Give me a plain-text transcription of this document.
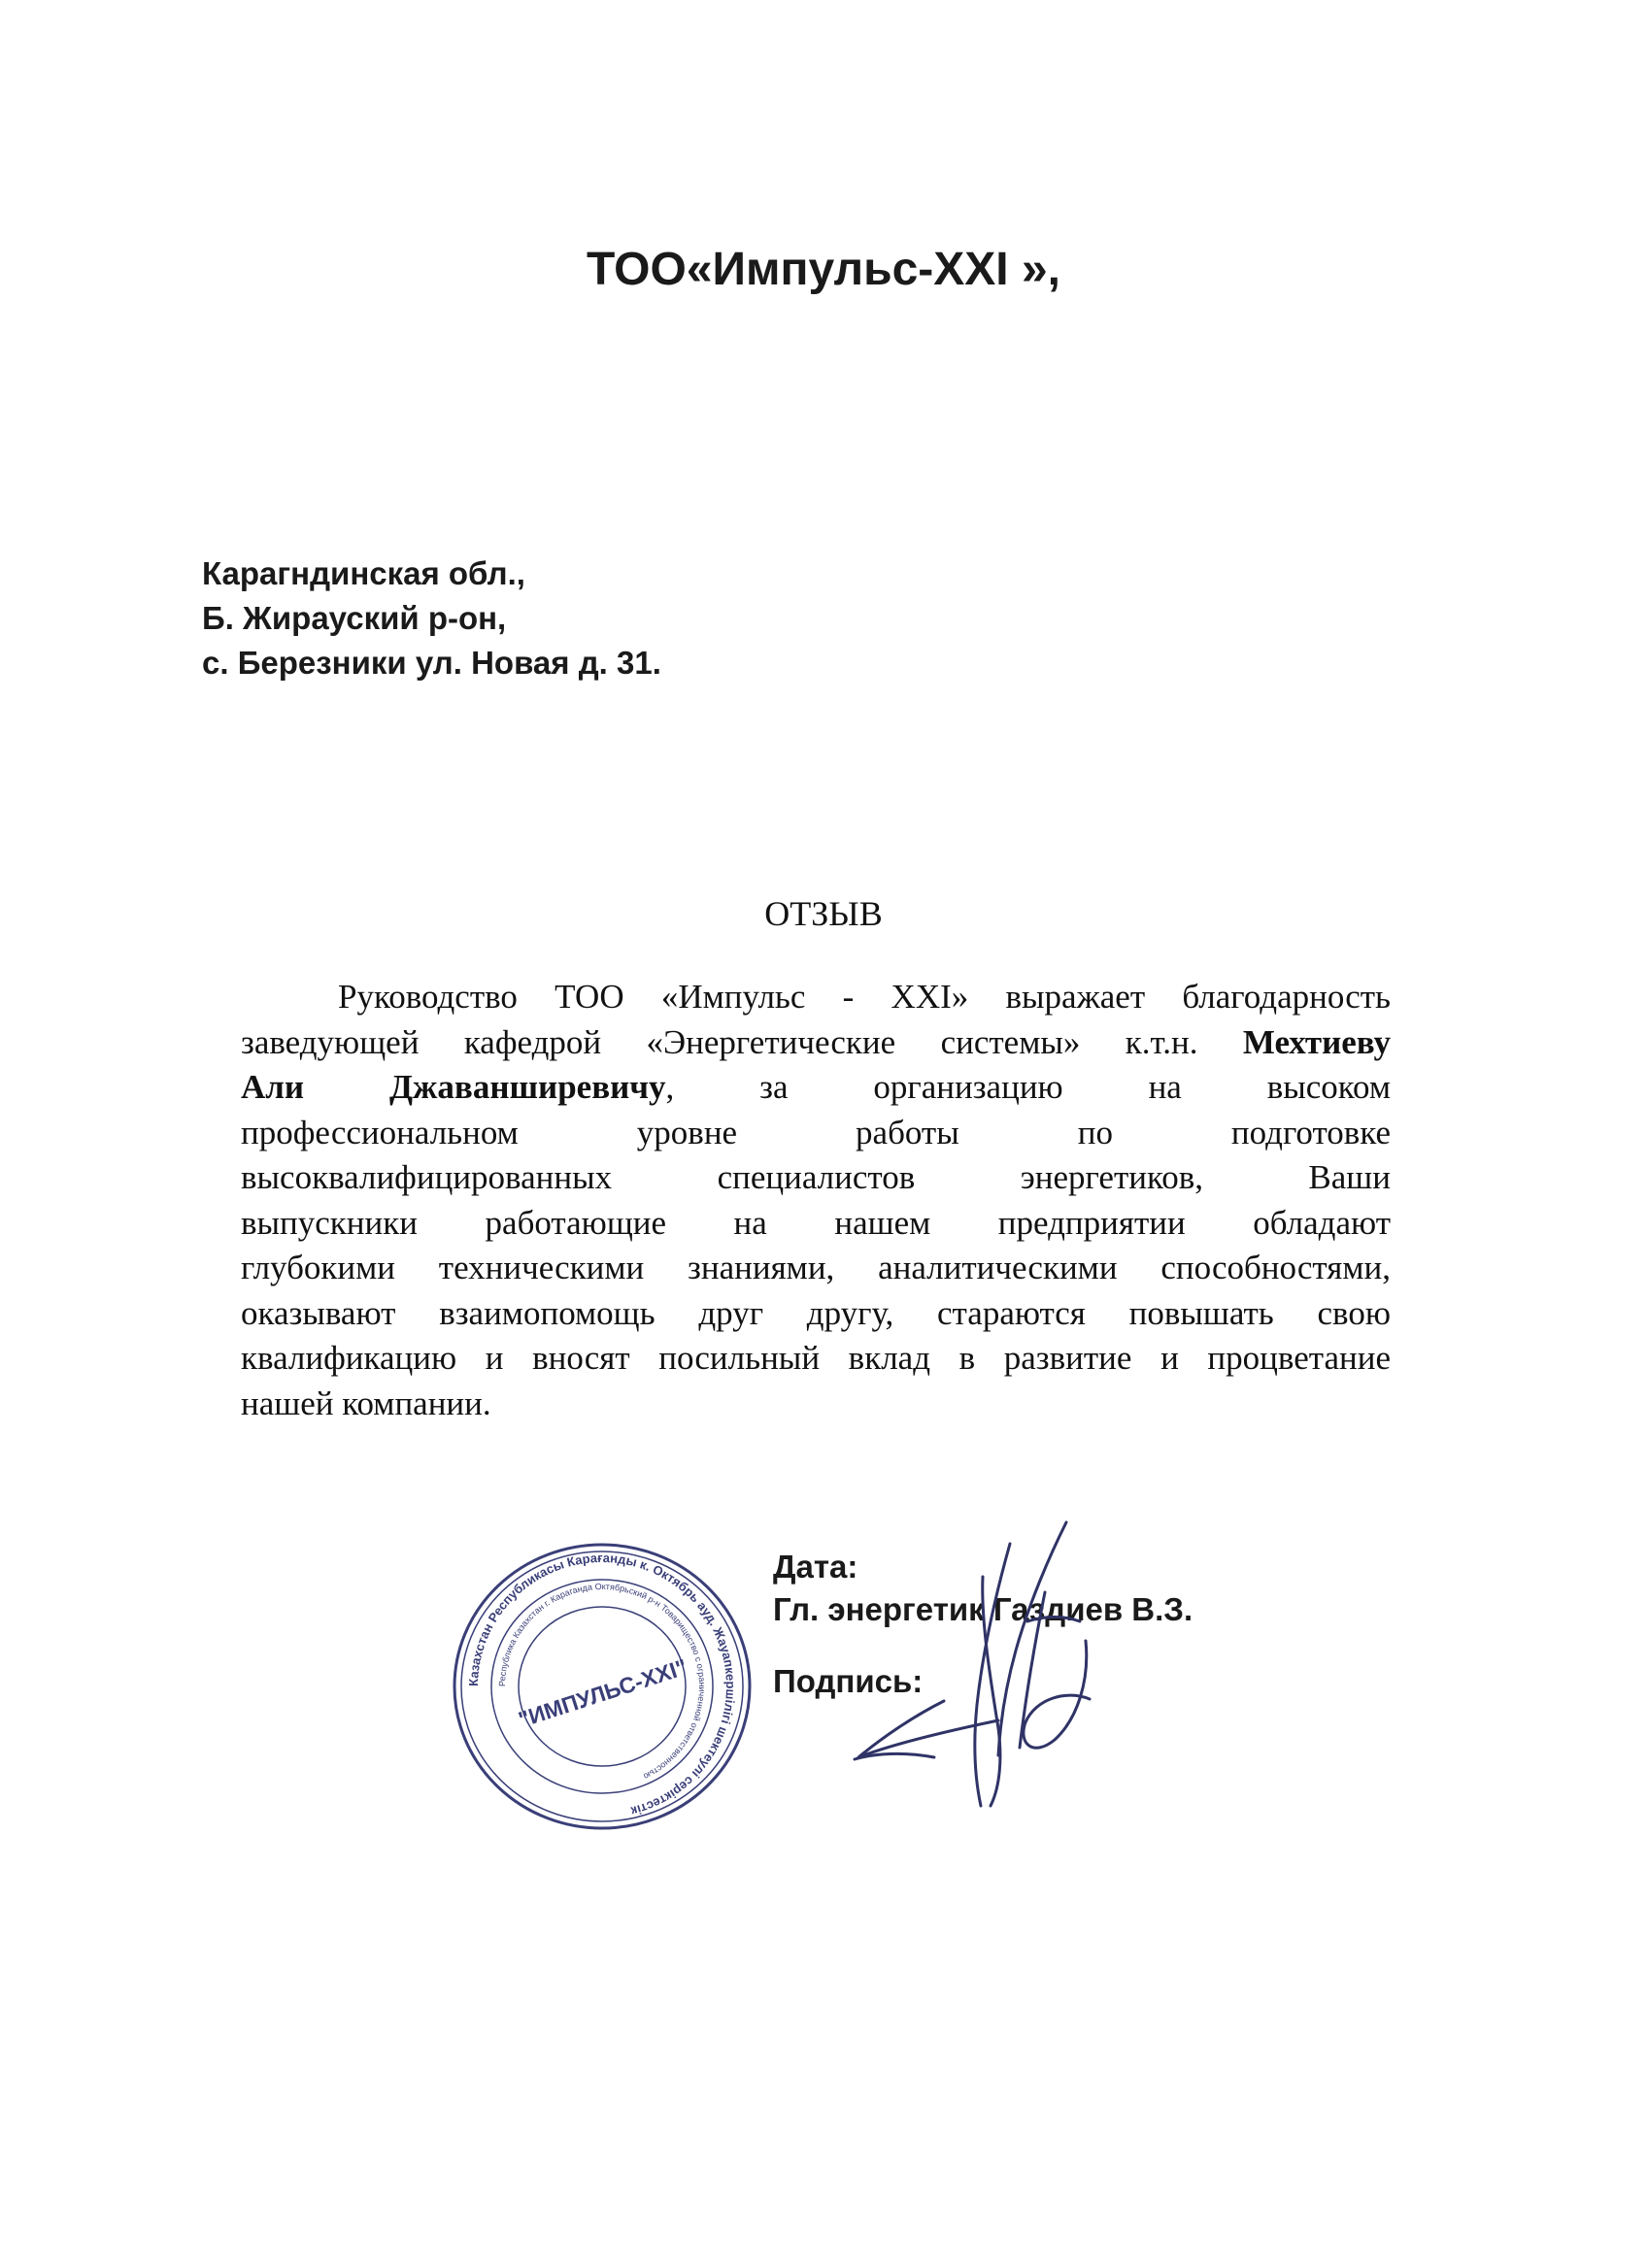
ТОО«Импульс-XXI »,
Карагндинская обл.,
Б. Жирауский р-он,
с. Березники ул. Новая д. 31.
ОТЗЫВ
Руководство ТОО «Импульс - XXI» выражает благодарность
заведующей кафедрой «Энергетические системы» к.т.н. Мехтиеву
Али Джаванширевичу, за организацию на высоком
профессиональном уровне работы по подготовке
высоквалифицированных специалистов энергетиков, Ваши
выпускники работающие на нашем предприятии обладают
глубокими техническими знаниями, аналитическими способностями,
оказывают взаимопомощь друг другу, стараются повышать свою
квалификацию и вносят посильный вклад в развитие и процветание
нашей компании.
Казахстан Республикасы Карағанды к. Октябрь ауд. Жауапкершілігі шектеулі серіктестік
Республика Казахстан г. Караганда Октябрьский р-н Товарищество с ограниченной ответственностью
"ИМПУЛЬС-XXI"
Дата:
Гл. энергетик Газдиев В.З.
Подпись:
